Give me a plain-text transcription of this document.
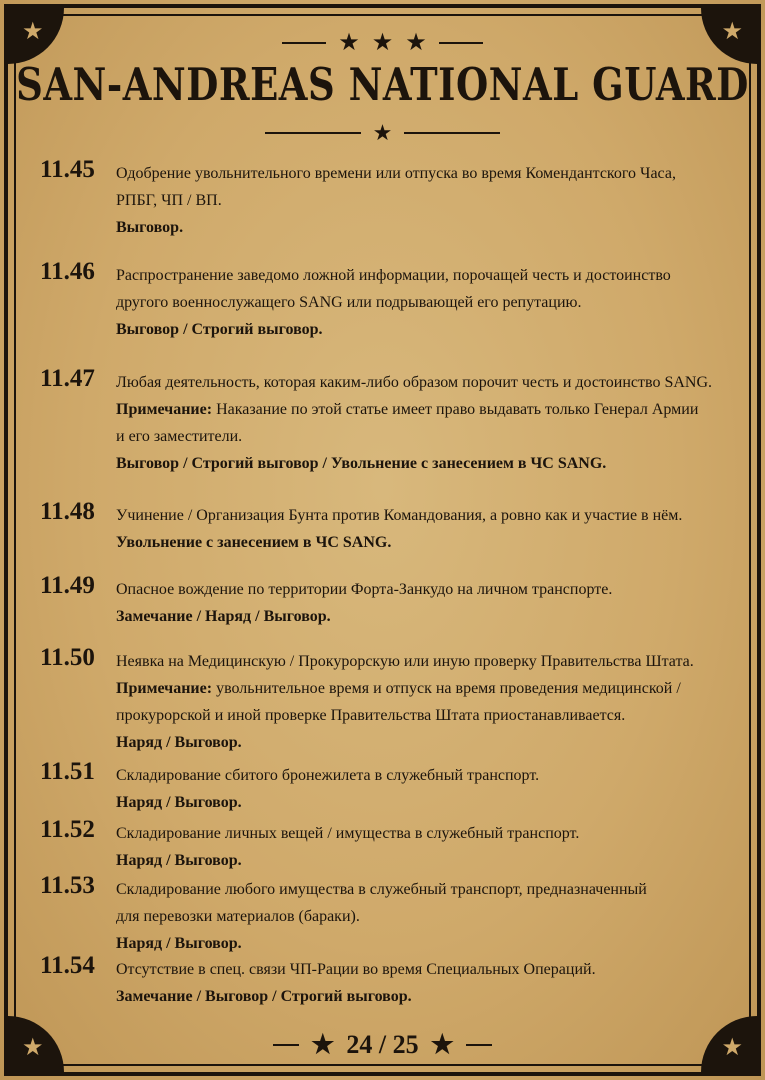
★	★
★	★
★ ★ ★
SAN-ANDREAS NATIONAL GUARD
★
11.45 Одобрение увольнительного времени или отпуска во время Комендантского Часа,
РПБГ, ЧП / ВП.
Выговор.
11.46 Распространение заведомо ложной информации, порочащей честь и достоинство
другого военнослужащего SANG или подрывающей его репутацию.
Выговор / Строгий выговор.
11.47 Любая деятельность, которая каким-либо образом порочит честь и достоинство SANG.
Примечание: Наказание по этой статье имеет право выдавать только Генерал Армии
и его заместители.
Выговор / Строгий выговор / Увольнение с занесением в ЧС SANG.
11.48 Учинение / Организация Бунта против Командования, а ровно как и участие в нём.
Увольнение с занесением в ЧС SANG.
11.49 Опасное вождение по территории Форта-Занкудо на личном транспорте.
Замечание / Наряд / Выговор.
11.50 Неявка на Медицинскую / Прокурорскую или иную проверку Правительства Штата.
Примечание: увольнительное время и отпуск на время проведения медицинской /
прокурорской и иной проверке Правительства Штата приостанавливается.
Наряд / Выговор.
11.51 Складирование сбитого бронежилета в служебный транспорт.
Наряд / Выговор.
11.52 Складирование личных вещей / имущества в служебный транспорт.
Наряд / Выговор.
11.53 Складирование любого имущества в служебный транспорт, предназначенный
для перевозки материалов (бараки).
Наряд / Выговор.
11.54 Отсутствие в спец. связи ЧП-Рации во время Специальных Операций.
Замечание / Выговор / Строгий выговор.
★ 24 / 25 ★
